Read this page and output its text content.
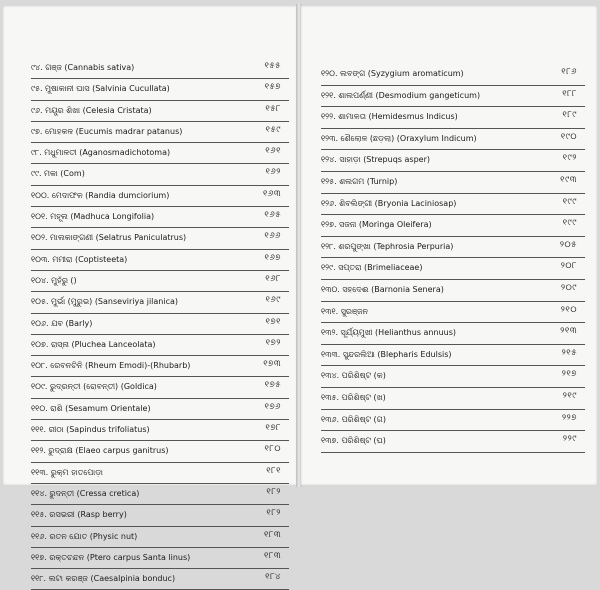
୯୪. ଗଞ୍ଜ (Cannabis sativa)	୧୫୫
୯୫. ମୁଷାକାନୀ ଘାସ (Salvinia Cucullata)	୧୫୭
୯୬. ମୟୂର ଶିଖା (Celesia Cristata)	୧୫୮
୯୭. ମୋହକଳ (Eucumis madrar patanus)	୧୫୯
୯୮. ମଧୁମାଳତୀ (Aganosmadichotoma)	୧୬୧
୯୯. ମକା (Com)	୧୬୨
୧୦୦. ମେଦାଫଳ (Randia dumciorium)	୧୬୩
୧୦୧. ମହୂଲ (Madhuca Longifolia)	୧୬୫
୧୦୨. ମାଲକାଙ୍ଗଣୀ (Selatrus Paniculatrus)	୧୬୬
୧୦୩. ମମୀରା (Coptisteeta)	୧୬୭
୧୦୪. ମୁହଁରୁ ()	୧୬୮
୧୦୫. ମୁର୍ଭା (ମୁରୁଭ) (Sanseviriya jilanica)	୧୬୯
୧୦୬. ଯବ (Barly)	୧୭୧
୧୦୭. ରାସ୍ନା (Pluchea Lanceolata)	୧୭୨
୧୦୮. ରେବନଚିନି (Rheum Emodi)-(Rhubarb)	୧୭୩
୧୦୯. ରୁଦ୍ରନ୍ତୀ (ରୋବନ୍ତୀ) (Goldica)	୧୭୫
୧୧୦. ରାଶି (Sesamum Orientale)	୧୭୬
୧୧୧. ରୀଠା (Sapindus trifoliatus)	୧୭୮
୧୧୨. ରୁଦ୍ରାକ୍ଷ (Elaeo carpus ganitrus)	୧୮୦
୧୧୩. ରୁକ୍ମ ହାତପୋଡ଼ା	୧୮୧
୧୧୪. ରୁଦନ୍ତୀ (Cressa cretica)	୧୮୨
୧୧୫. ରସଭରୀ (Rasp berry)	୧୮୨
୧୧୬. ରତନ ଯୋତ (Physic nut)	୧୮୩
୧୧୭. ରକ୍ତଚନ୍ଦନ (Ptero carpus Santa linus)	୧୮୩
୧୧୮. ଲଟା କରଞ୍ଜ (Caesalpinia bonduc)	୧୮୪
୧୨୦. ଲବଙ୍ଗ (Syzygium aromaticum)	୧୮୬
୧୨୧. ଶାଲପର୍ଣ୍ଣୀ (Desmodium gangeticum)	୧୮୮
୧୨୨. ଶାମାଳତା (Hemidesmus Indicus)	୧୮୯
୧୨୩. ଶୈଲୋଳ (ଛଡ଼ଲା) (Oraxylum Indicum)	୧୯୦
୧୨୪. ସାହାଡ଼ା (Strepuqs asper)	୧୯୨
୧୨୫. ଶଲଗମ (Turnip)	୧୯୩
୧୨୬. ଶିବଲିଙ୍ଗୀ (Bryonia Laciniosap)	୧୯୯
୧୨୭. ସଜନା (Moringa Oleifera)	୧୯୯
୧୨୮. ଶରପୁଙ୍ଖା (Tephrosia Perpuria)	୨୦୫
୧୨୯. ସପ୍ତରା (Brimeliaceae)	୨୦୮
୧୩୦. ସହଦେଈ (Barnonia Senera)	୨୦୯
୧୩୧. ସୁରଞ୍ଜନ	୨୧୦
୧୩୨. ସୂର୍ଯ୍ୟମୁଖୀ (Helianthus annuus)	୨୧୩
୧୩୩. ସୁନ୍ଦରଲିଆ (Blepharis Edulsis)	୨୧୫
୧୩୪. ପରିଶିଷ୍ଟ (କ)	୨୧୭
୧୩୫. ପରିଶିଷ୍ଟ (ଖ)	୨୧୯
୧୩୬. ପରିଶିଷ୍ଟ (ଗ)	୨୨୭
୧୩୭. ପରିଶିଷ୍ଟ (ଘ)	୨୨୯
